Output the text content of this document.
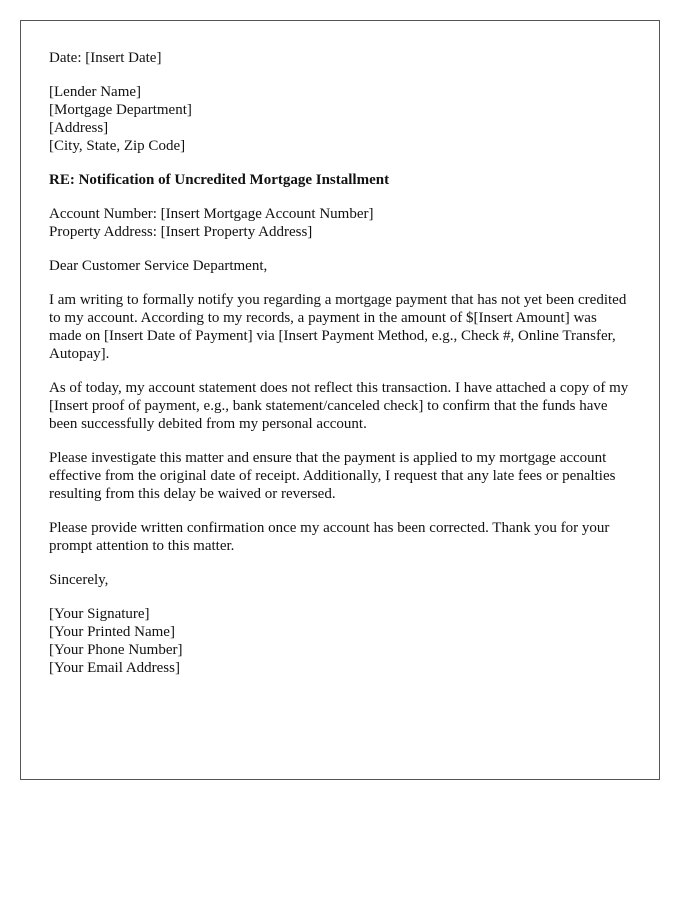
Date: [Insert Date]
[Lender Name]
[Mortgage Department]
[Address]
[City, State, Zip Code]
RE: Notification of Uncredited Mortgage Installment
Account Number: [Insert Mortgage Account Number]
Property Address: [Insert Property Address]
Dear Customer Service Department,

I am writing to formally notify you regarding a mortgage payment that has not yet been credited to my account. According to my records, a payment in the amount of $[Insert Amount] was made on [Insert Date of Payment] via [Insert Payment Method, e.g., Check #, Online Transfer, Autopay].

As of today, my account statement does not reflect this transaction. I have attached a copy of my [Insert proof of payment, e.g., bank statement/canceled check] to confirm that the funds have been successfully debited from my personal account.

Please investigate this matter and ensure that the payment is applied to my mortgage account effective from the original date of receipt. Additionally, I request that any late fees or penalties resulting from this delay be waived or reversed.

Please provide written confirmation once my account has been corrected. Thank you for your prompt attention to this matter.

Sincerely,
[Your Signature]
[Your Printed Name]
[Your Phone Number]
[Your Email Address]
